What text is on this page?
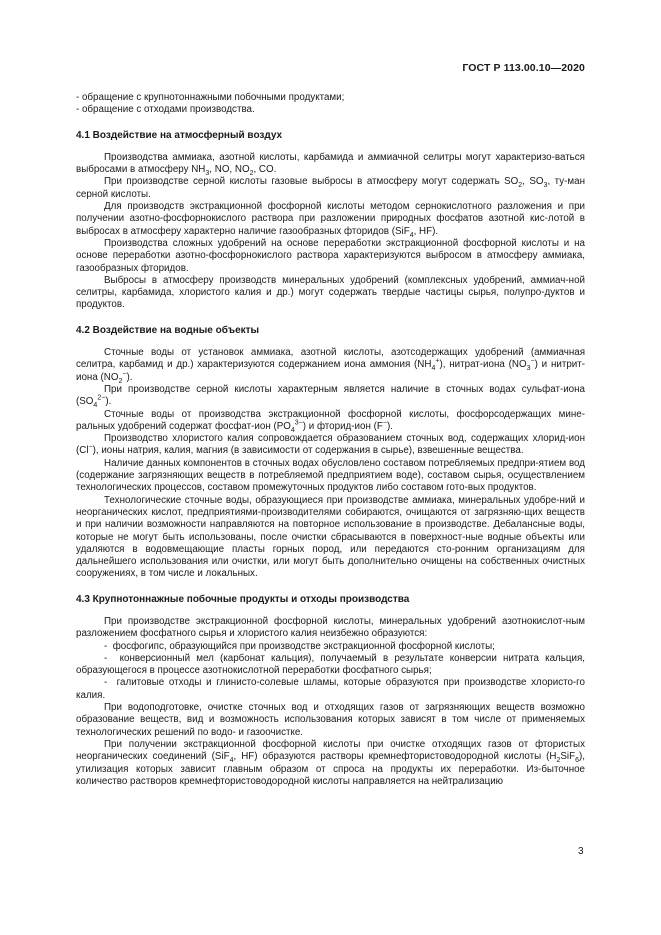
ГОСТ Р 113.00.10—2020

- обращение с крупнотоннажными побочными продуктами;

- обращение с отходами производства.

4.1 Воздействие на атмосферный воздух

Производства аммиака, азотной кислоты, карбамида и аммиачной селитры могут характеризо-ваться выбросами в атмосферу $NH_3$, NO, $NO_2$, CO.

При производстве серной кислоты газовые выбросы в атмосферу могут содержать $SO_2$, $SO_3$, ту-ман серной кислоты.

Для производств экстракционной фосфорной кислоты методом сернокислотного разложения и при получении азотно-фосфорнокислого раствора при разложении природных фосфатов азотной кис-лотой в выбросах в атмосферу характерно наличие газообразных фторидов (SiF$_4$, HF).

Производства сложных удобрений на основе переработки экстракционной фосфорной кислоты и на основе переработки азотно-фосфорнокислого раствора характеризуются выбросом в атмосферу аммиака, газообразных фторидов.

Выбросы в атмосферу производств минеральных удобрений (комплексных удобрений, аммиач-ной селитры, карбамида, хлористого калия и др.) могут содержать твердые частицы сырья, полупро-дуктов и продуктов.

4.2 Воздействие на водные объекты

Сточные воды от установок аммиака, азотной кислоты, азотсодержащих удобрений (аммиачная селитра, карбамид и др.) характеризуются содержанием иона аммония $(NH_4^+)$, нитрат-иона $(NO_3^-)$ и нитрит-иона $(NO_2^-)$.

При производстве серной кислоты характерным является наличие в сточных водах сульфат-иона $(SO_4^{2-})$.

Сточные воды от производства экстракционной фосфорной кислоты, фосфорсодержащих мине-ральных удобрений содержат фосфат-ион $(PO_4^{3-})$ и фторид-ион (F−).

Производство хлористого калия сопровождается образованием сточных вод, содержащих хлорид-ион (Cl−), ионы натрия, калия, магния (в зависимости от содержания в сырье), взвешенные вещества.

Наличие данных компонентов в сточных водах обусловлено составом потребляемых предпри-ятием вод (содержание загрязняющих веществ в потребляемой предприятием воде), составом сырья, осуществлением технологических процессов, составом промежуточных продуктов либо составом гото-вых продуктов.

Технологические сточные воды, образующиеся при производстве аммиака, минеральных удобре-ний и неорганических кислот, предприятиями-производителями собираются, очищаются от загрязняю-щих веществ и при наличии возможности направляются на повторное использование в производстве. Дебалансные воды, которые не могут быть использованы, после очистки сбрасываются в поверхност-ные водные объекты или удаляются в водовмещающие пласты горных пород, или передаются сто-ронним организациям для дальнейшего использования или очистки, или могут быть дополнительно очищены на собственных очистных сооружениях, в том числе и локальных.

4.3 Крупнотоннажные побочные продукты и отходы производства

При производстве экстракционной фосфорной кислоты, минеральных удобрений азотнокислот-ным разложением фосфатного сырья и хлористого калия неизбежно образуются:

-  фосфогипс, образующийся при производстве экстракционной фосфорной кислоты;

-  конверсионный мел (карбонат кальция), получаемый в результате конверсии нитрата кальция, образующегося в процессе азотнокислотной переработки фосфатного сырья;

-  галитовые отходы и глинисто-солевые шламы, которые образуются при производстве хлористо-го калия.

При водоподготовке, очистке сточных вод и отходящих газов от загрязняющих веществ возможно образование веществ, вид и возможность использования которых зависят в том числе от применяемых технологических решений по водо- и газоочистке.

При получении экстракционной фосфорной кислоты при очистке отходящих газов от фтористых неорганических соединений (SiF$_4$, HF) образуются растворы кремнефтористоводородной кислоты $(H_2SiF_6)$, утилизация которых зависит главным образом от спроса на продукты их переработки. Из-быточное количество растворов кремнефтористоводородной кислоты направляется на нейтрализацию

3
